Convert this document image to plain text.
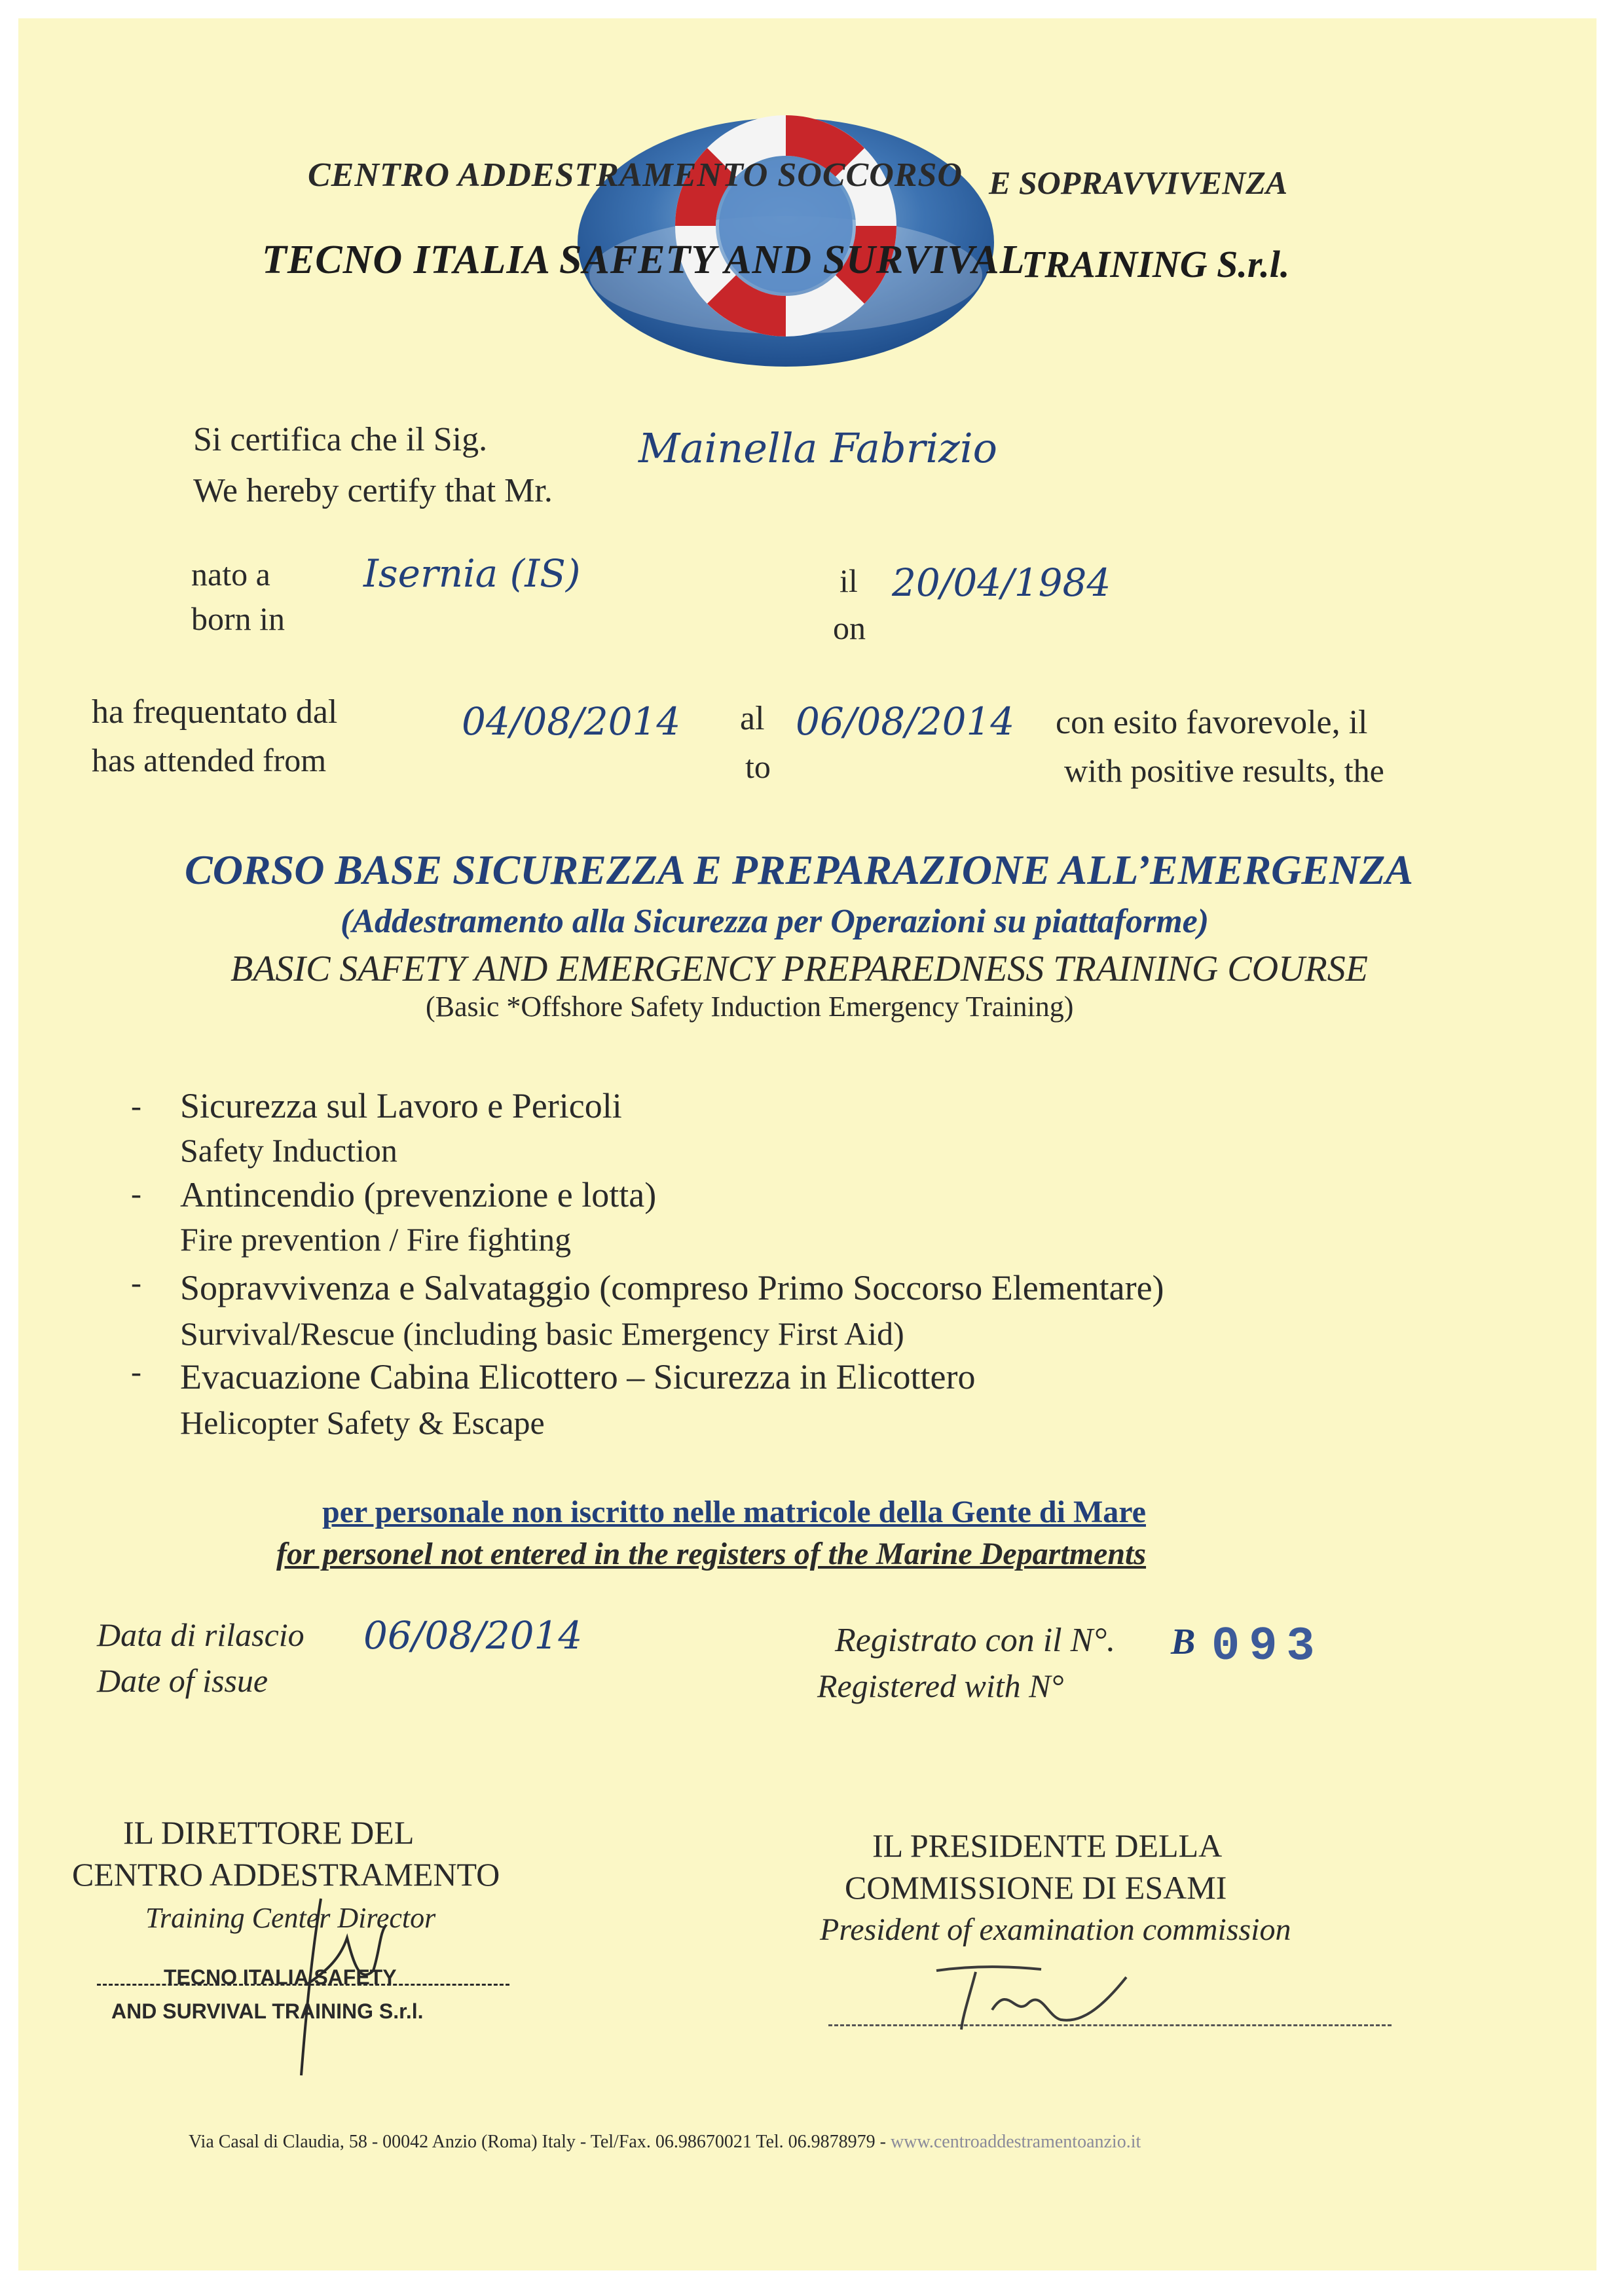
CENTRO ADDESTRAMENTO SOCCORSO E SOPRAVVIVENZA
TECNO ITALIA SAFETY AND SURVIVAL
TRAINING S.r.l.
Si certifica che il Sig.
We hereby certify that Mr.
Mainella Fabrizio
nato a
born in
Isernia (IS)	il
on
20/04/1984
ha frequentato dal
has attended from
04/08/2014 al
to
06/08/2014 con esito favorevole, il
with positive results, the
CORSO BASE SICUREZZA E PREPARAZIONE ALL’EMERGENZA
(Addestramento alla Sicurezza per Operazioni su piattaforme)
BASIC SAFETY AND EMERGENCY PREPAREDNESS TRAINING COURSE
(Basic *Offshore Safety Induction Emergency Training)
- Sicurezza sul Lavoro e Pericoli
Safety Induction
- Antincendio (prevenzione e lotta)
Fire prevention / Fire fighting
- Sopravvivenza e Salvataggio (compreso Primo Soccorso Elementare)
Survival/Rescue (including basic Emergency First Aid)
- Evacuazione Cabina Elicottero – Sicurezza in Elicottero
Helicopter Safety & Escape
per personale non iscritto nelle matricole della Gente di Mare
for personel not entered in the registers of the Marine Departments
Data di rilascio
Date of issue
06/08/2014	Registrato con il N°.
Registered with N°
B 093
IL DIRETTORE DEL
CENTRO ADDESTRAMENTO
Training Center Director
TECNO ITALIA SAFETY
AND SURVIVAL TRAINING S.r.l.
IL PRESIDENTE DELLA
COMMISSIONE DI ESAMI
President of examination commission
Via Casal di Claudia, 58 - 00042 Anzio (Roma) Italy - Tel/Fax. 06.98670021 Tel. 06.9878979 - www.centroaddestramentoanzio.it
